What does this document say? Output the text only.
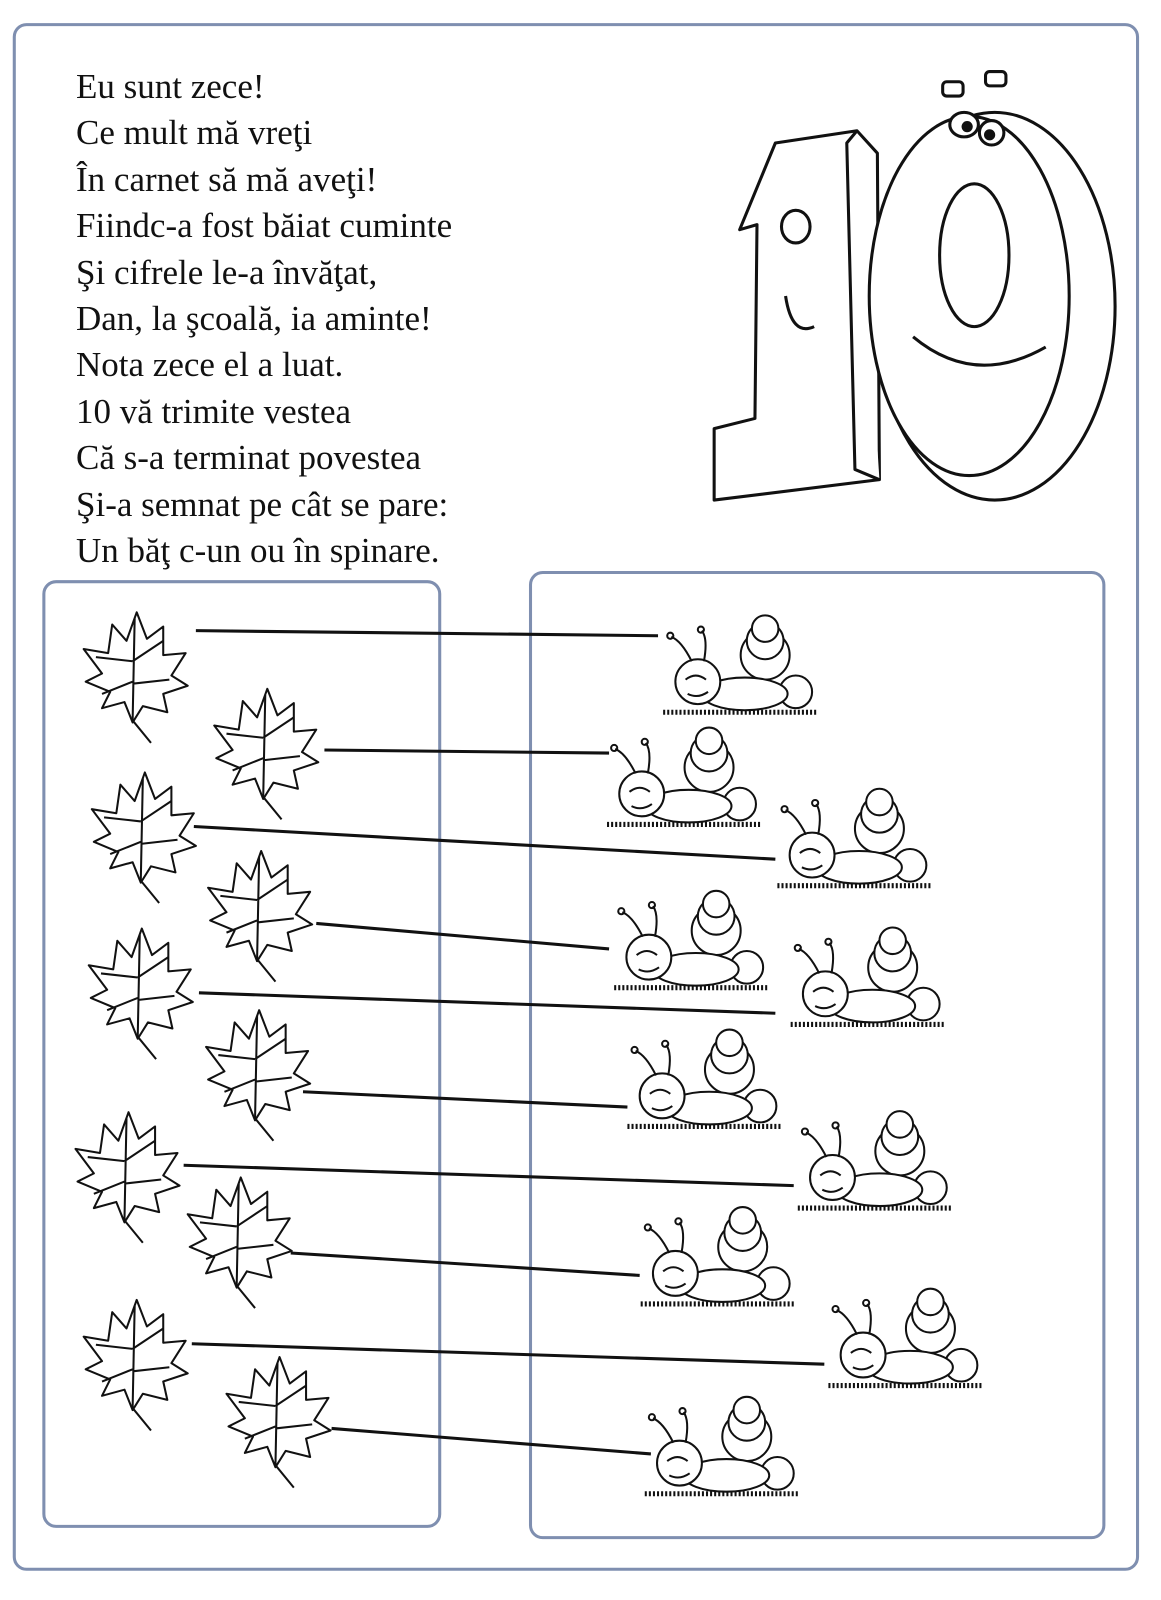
Eu sunt zece!
Ce mult mă vreţi
În carnet să mă aveţi!
Fiindc-a fost băiat cuminte
Şi cifrele le-a învăţat,
Dan, la şcoală, ia aminte!
Nota zece el a luat.
10 vă trimite vestea
Că s-a terminat povestea
Şi-a semnat pe cât se pare:
Un băţ c-un ou în spinare.
